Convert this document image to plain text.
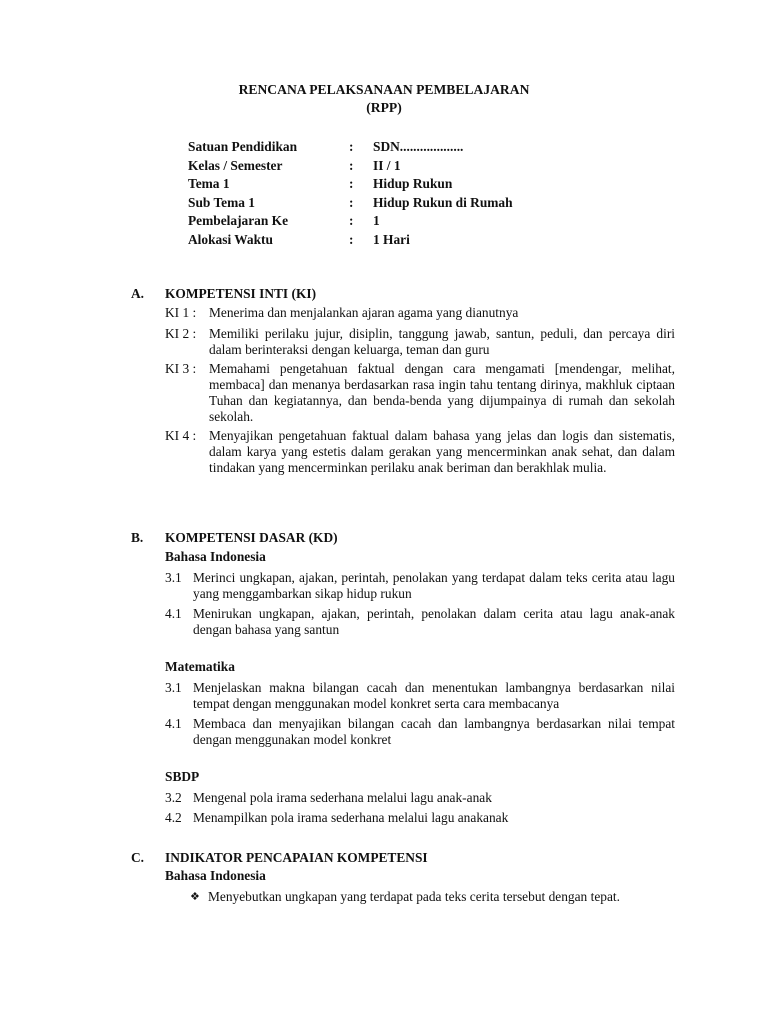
RENCANA PELAKSANAAN PEMBELAJARAN
(RPP)
Satuan Pendidikan	: SDN...................
Kelas / Semester	: II / 1
Tema 1	: Hidup Rukun
Sub Tema 1	: Hidup Rukun di Rumah
Pembelajaran Ke	: 1
Alokasi Waktu	: 1 Hari
A. KOMPETENSI INTI (KI)
KI 1 : Menerima dan menjalankan ajaran agama yang dianutnya
KI 2 : Memiliki perilaku jujur, disiplin, tanggung jawab, santun, peduli, dan percaya diri dalam berinteraksi dengan keluarga, teman dan guru
KI 3 : Memahami pengetahuan faktual dengan cara mengamati [mendengar, melihat, membaca] dan menanya berdasarkan rasa ingin tahu tentang dirinya, makhluk ciptaan Tuhan dan kegiatannya, dan benda-benda yang dijumpainya di rumah dan sekolah sekolah.
KI 4 : Menyajikan pengetahuan faktual dalam bahasa yang jelas dan logis dan sistematis, dalam karya yang estetis dalam gerakan yang mencerminkan anak sehat, dan dalam tindakan yang mencerminkan perilaku anak beriman dan berakhlak mulia.
B. KOMPETENSI DASAR (KD)
Bahasa Indonesia
3.1 Merinci ungkapan, ajakan, perintah, penolakan yang terdapat dalam teks cerita atau lagu yang menggambarkan sikap hidup rukun
4.1 Menirukan ungkapan, ajakan, perintah, penolakan dalam cerita atau lagu anak-anak dengan bahasa yang santun
Matematika
3.1 Menjelaskan makna bilangan cacah dan menentukan lambangnya berdasarkan nilai tempat dengan menggunakan model konkret serta cara membacanya
4.1 Membaca dan menyajikan bilangan cacah dan lambangnya berdasarkan nilai tempat dengan menggunakan model konkret
SBDP
3.2 Mengenal pola irama sederhana melalui lagu anak-anak
4.2 Menampilkan pola irama sederhana melalui lagu anakanak
C. INDIKATOR PENCAPAIAN KOMPETENSI
Bahasa Indonesia
❖ Menyebutkan ungkapan yang terdapat pada teks cerita tersebut dengan tepat.
